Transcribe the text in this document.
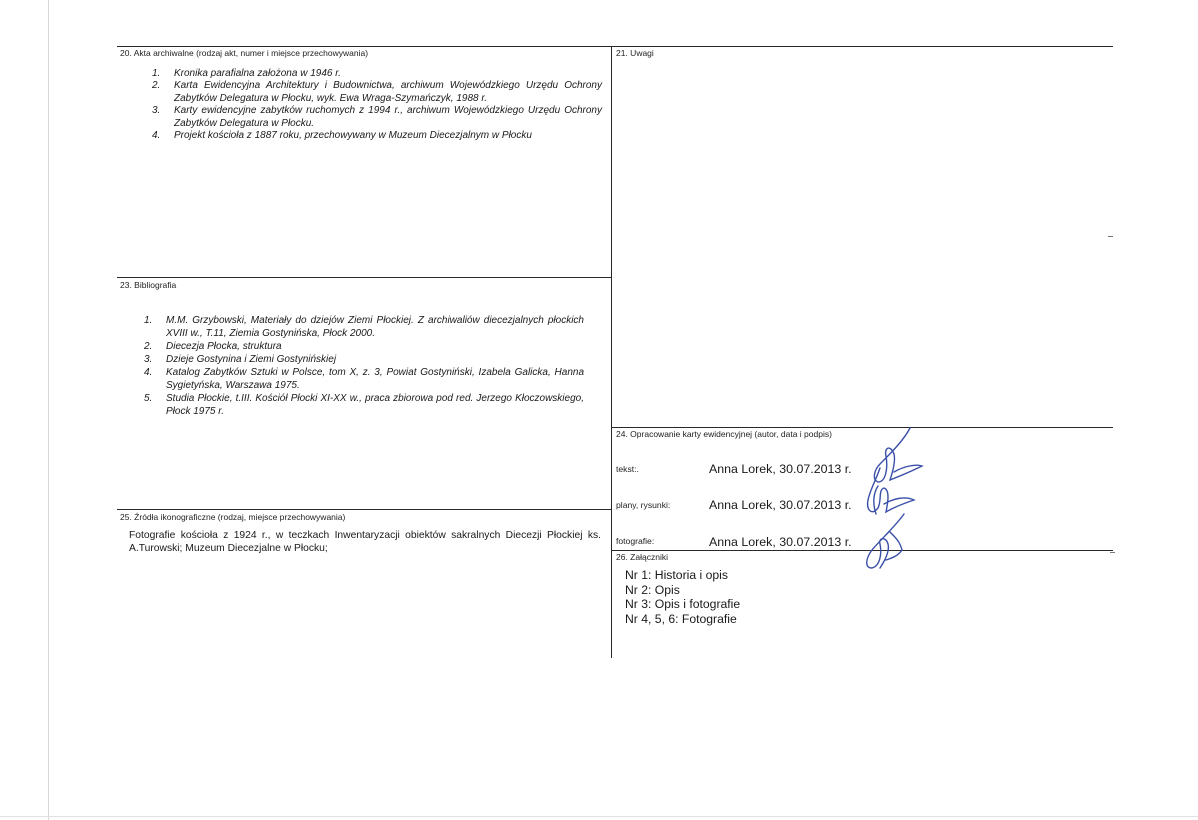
20. Akta archiwalne (rodzaj akt, numer i miejsce przechowywania)
1. Kronika parafialna założona w 1946 r.
2. Karta Ewidencyjna Architektury i Budownictwa, archiwum Wojewódzkiego Urzędu Ochrony Zabytków Delegatura w Płocku, wyk. Ewa Wraga-Szymańczyk, 1988 r.
3. Karty ewidencyjne zabytków ruchomych z 1994 r., archiwum Wojewódzkiego Urzędu Ochrony Zabytków Delegatura w Płocku.
4. Projekt kościoła z 1887 roku, przechowywany w Muzeum Diecezjalnym w Płocku
21. Uwagi
23. Bibliografia
1. M.M. Grzybowski, Materiały do dziejów Ziemi Płockiej. Z archiwaliów diecezjalnych płockich XVIII w., T.11, Ziemia Gostynińska, Płock 2000.
2. Diecezja Płocka, struktura
3. Dzieje Gostynina i Ziemi Gostynińskiej
4. Katalog Zabytków Sztuki w Polsce, tom X, z. 3, Powiat Gostyniński, Izabela Galicka, Hanna Sygietyńska, Warszawa 1975.
5. Studia Płockie, t.III. Kościół Płocki XI-XX w., praca zbiorowa pod red. Jerzego Kłoczowskiego, Płock 1975 r.
24. Opracowanie karty ewidencyjnej (autor, data i podpis)
tekst:.	Anna Lorek, 30.07.2013 r.
plany, rysunki:	Anna Lorek, 30.07.2013 r.
fotografie:	Anna Lorek, 30.07.2013 r.
25. Źródła ikonograficzne (rodzaj, miejsce przechowywania)
Fotografie kościoła z 1924 r., w teczkach Inwentaryzacji obiektów sakralnych Diecezji Płockiej ks. A.Turowski; Muzeum Diecezjalne w Płocku;
26. Załączniki
Nr 1: Historia i opis
Nr 2: Opis
Nr 3: Opis i fotografie
Nr 4, 5, 6: Fotografie
